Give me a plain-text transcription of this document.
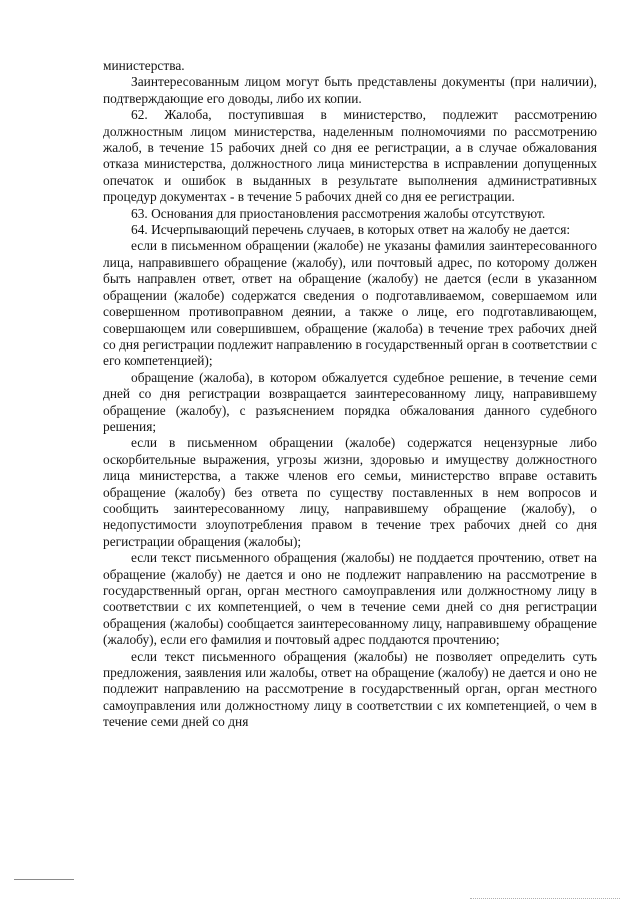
министерства.

Заинтересованным лицом могут быть представлены документы (при наличии), подтверждающие его доводы, либо их копии.

62. Жалоба, поступившая в министерство, подлежит рассмотрению должностным лицом министерства, наделенным полномочиями по рассмотрению жалоб, в течение 15 рабочих дней со дня ее регистрации, а в случае обжалования отказа министерства, должностного лица министерства в исправлении допущенных опечаток и ошибок в выданных в результате выполнения административных процедур документах - в течение 5 рабочих дней со дня ее регистрации.

63. Основания для приостановления рассмотрения жалобы отсутствуют.

64. Исчерпывающий перечень случаев, в которых ответ на жалобу не дается:

если в письменном обращении (жалобе) не указаны фамилия заинтересованного лица, направившего обращение (жалобу), или почтовый адрес, по которому должен быть направлен ответ, ответ на обращение (жалобу) не дается (если в указанном обращении (жалобе) содержатся сведения о подготавливаемом, совершаемом или совершенном противоправном деянии, а также о лице, его подготавливающем, совершающем или совершившем, обращение (жалоба) в течение трех рабочих дней со дня регистрации подлежит направлению в государственный орган в соответствии с его компетенцией);

обращение (жалоба), в котором обжалуется судебное решение, в течение семи дней со дня регистрации возвращается заинтересованному лицу, направившему обращение (жалобу), с разъяснением порядка обжалования данного судебного решения;

если в письменном обращении (жалобе) содержатся нецензурные либо оскорбительные выражения, угрозы жизни, здоровью и имуществу должностного лица министерства, а также членов его семьи, министерство вправе оставить обращение (жалобу) без ответа по существу поставленных в нем вопросов и сообщить заинтересованному лицу, направившему обращение (жалобу), о недопустимости злоупотребления правом в течение трех рабочих дней со дня регистрации обращения (жалобы);

если текст письменного обращения (жалобы) не поддается прочтению, ответ на обращение (жалобу) не дается и оно не подлежит направлению на рассмотрение в государственный орган, орган местного самоуправления или должностному лицу в соответствии с их компетенцией, о чем в течение семи дней со дня регистрации обращения (жалобы) сообщается заинтересованному лицу, направившему обращение (жалобу), если его фамилия и почтовый адрес поддаются прочтению;

если текст письменного обращения (жалобы) не позволяет определить суть предложения, заявления или жалобы, ответ на обращение (жалобу) не дается и оно не подлежит направлению на рассмотрение в государственный орган, орган местного самоуправления или должностному лицу в соответствии с их компетенцией, о чем в течение семи дней со дня
